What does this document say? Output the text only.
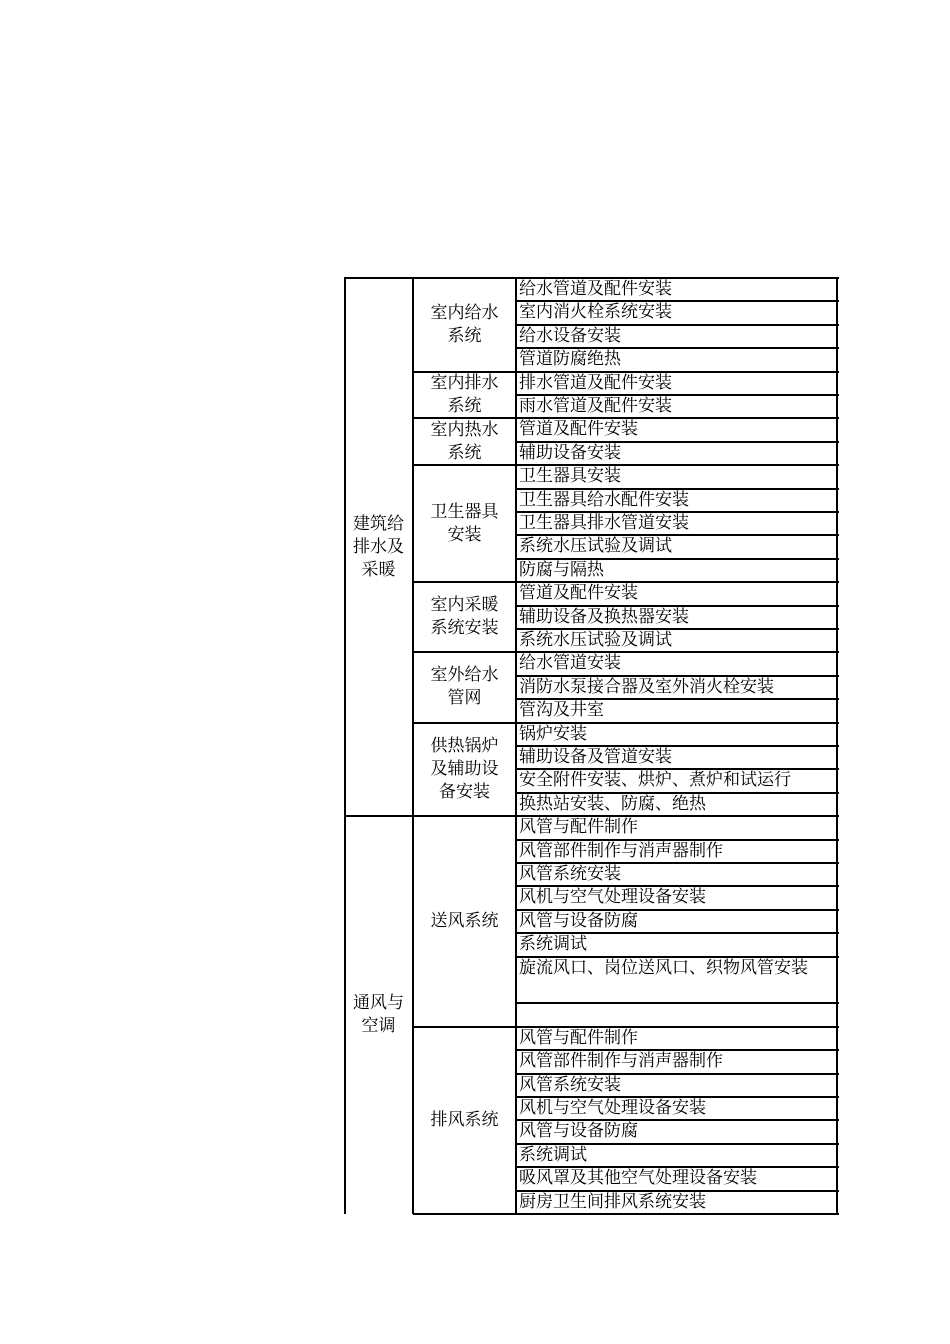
给水管道及配件安装
室内消火栓系统安装
给水设备安装
管道防腐绝热
室内给水
系统
排水管道及配件安装
雨水管道及配件安装
室内排水
系统
管道及配件安装
辅助设备安装
室内热水
系统
卫生器具安装
卫生器具给水配件安装
卫生器具排水管道安装
系统水压试验及调试
防腐与隔热
卫生器具
安装
管道及配件安装
辅助设备及换热器安装
系统水压试验及调试
室内采暖
系统安装
给水管道安装
消防水泵接合器及室外消火栓安装
管沟及井室
室外给水
管网
锅炉安装
辅助设备及管道安装
安全附件安装、烘炉、煮炉和试运行
换热站安装、防腐、绝热
供热锅炉
及辅助设
备安装
建筑给
排水及
采暖
风管与配件制作
风管部件制作与消声器制作
风管系统安装
风机与空气处理设备安装
风管与设备防腐
系统调试
旋流风口、岗位送风口、织物风管安装
送风系统
风管与配件制作
风管部件制作与消声器制作
风管系统安装
风机与空气处理设备安装
风管与设备防腐
系统调试
吸风罩及其他空气处理设备安装
厨房卫生间排风系统安装
排风系统
通风与
空调
